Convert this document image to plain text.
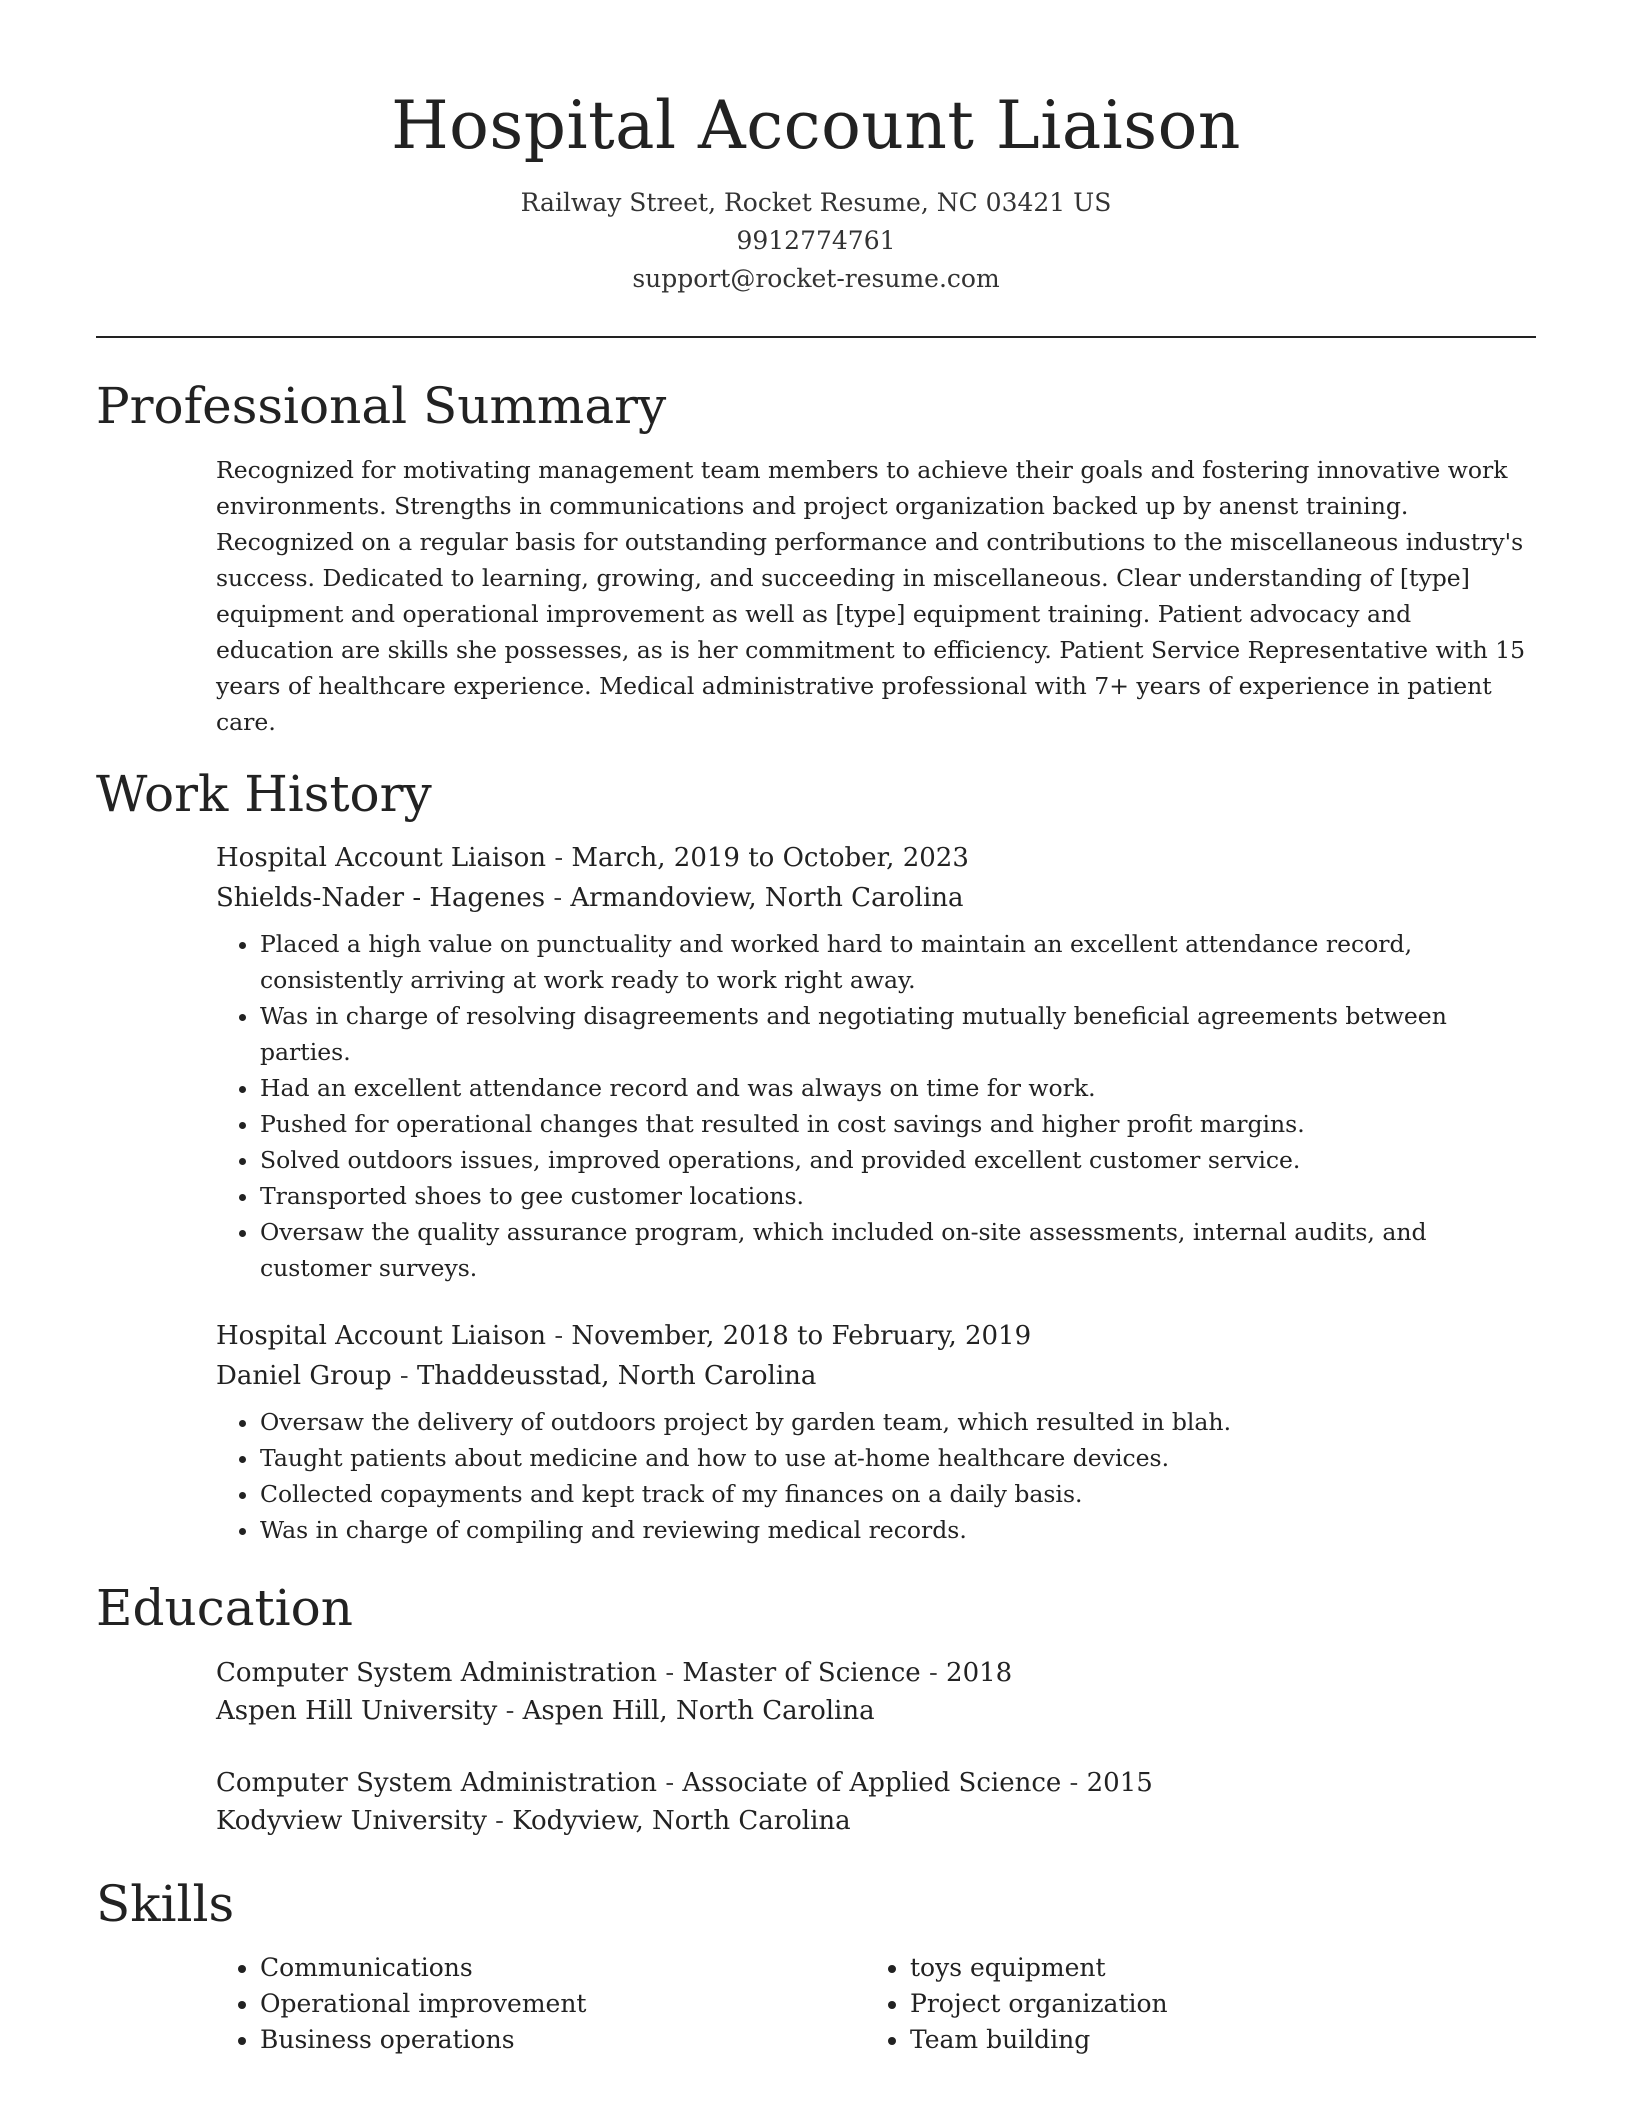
Hospital Account Liaison
Railway Street, Rocket Resume, NC 03421 US
9912774761
support@rocket-resume.com
Professional Summary

Recognized for motivating management team members to achieve their goals and fostering innovative work environments. Strengths in communications and project organization backed up by anenst training. Recognized on a regular basis for outstanding performance and contributions to the miscellaneous industry's success. Dedicated to learning, growing, and succeeding in miscellaneous. Clear understanding of [type] equipment and operational improvement as well as [type] equipment training. Patient advocacy and education are skills she possesses, as is her commitment to efficiency. Patient Service Representative with 15 years of healthcare experience. Medical administrative professional with 7+ years of experience in patient care.

Work History
Hospital Account Liaison - March, 2019 to October, 2023
Shields-Nader - Hagenes - Armandoview, North Carolina
• Placed a high value on punctuality and worked hard to maintain an excellent attendance record, consistently arriving at work ready to work right away.
• Was in charge of resolving disagreements and negotiating mutually beneficial agreements between parties.
• Had an excellent attendance record and was always on time for work.
• Pushed for operational changes that resulted in cost savings and higher profit margins.
• Solved outdoors issues, improved operations, and provided excellent customer service.
• Transported shoes to gee customer locations.
• Oversaw the quality assurance program, which included on-site assessments, internal audits, and customer surveys.
Hospital Account Liaison - November, 2018 to February, 2019
Daniel Group - Thaddeusstad, North Carolina
• Oversaw the delivery of outdoors project by garden team, which resulted in blah.
• Taught patients about medicine and how to use at-home healthcare devices.
• Collected copayments and kept track of my finances on a daily basis.
• Was in charge of compiling and reviewing medical records.
Education
Computer System Administration - Master of Science - 2018
Aspen Hill University - Aspen Hill, North Carolina
Computer System Administration - Associate of Applied Science - 2015
Kodyview University - Kodyview, North Carolina
Skills
• Communications
• Operational improvement
• Business operations
• toys equipment
• Project organization
• Team building
